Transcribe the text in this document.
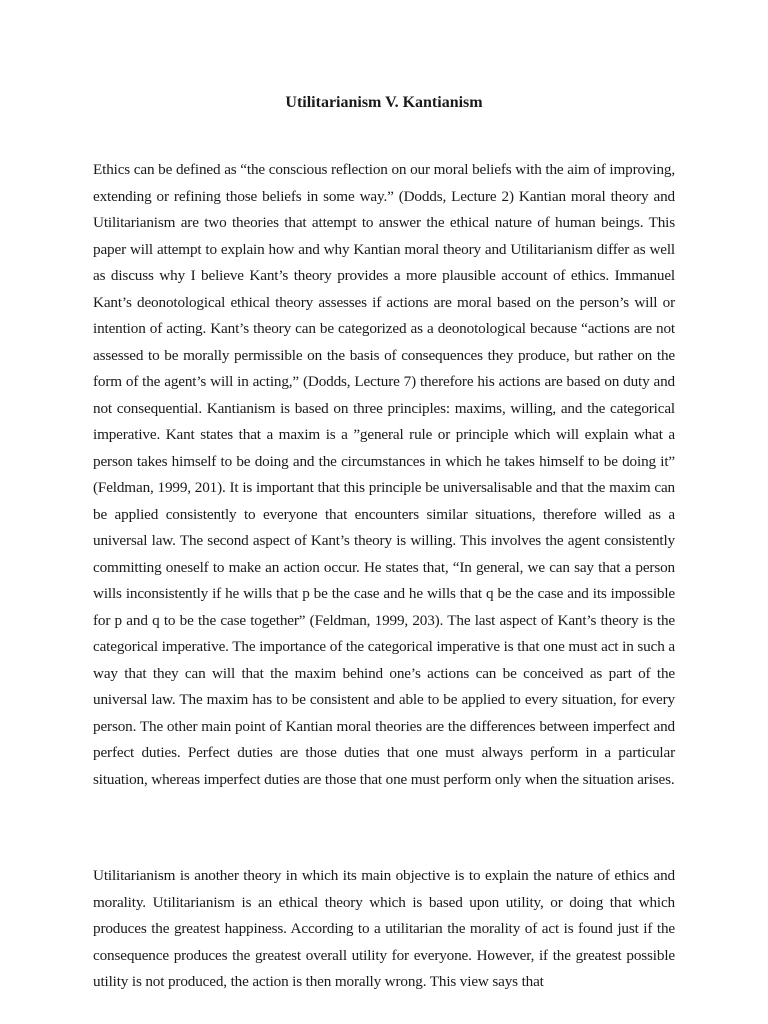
Utilitarianism V. Kantianism

Ethics can be defined as “the conscious reflection on our moral beliefs with the aim of improving, extending or refining those beliefs in some way.” (Dodds, Lecture 2) Kantian moral theory and Utilitarianism are two theories that attempt to answer the ethical nature of human beings. This paper will attempt to explain how and why Kantian moral theory and Utilitarianism differ as well as discuss why I believe Kant’s theory provides a more plausible account of ethics. Immanuel Kant’s deonotological ethical theory assesses if actions are moral based on the person’s will or intention of acting. Kant’s theory can be categorized as a deonotological because “actions are not assessed to be morally permissible on the basis of consequences they produce, but rather on the form of the agent’s will in acting,” (Dodds, Lecture 7) therefore his actions are based on duty and not consequential. Kantianism is based on three principles: maxims, willing, and the categorical imperative. Kant states that a maxim is a ”general rule or principle which will explain what a person takes himself to be doing and the circumstances in which he takes himself to be doing it” (Feldman, 1999, 201). It is important that this principle be universalisable and that the maxim can be applied consistently to everyone that encounters similar situations, therefore willed as a universal law. The second aspect of Kant’s theory is willing. This involves the agent consistently committing oneself to make an action occur. He states that, “In general, we can say that a person wills inconsistently if he wills that p be the case and he wills that q be the case and its impossible for p and q to be the case together” (Feldman, 1999, 203). The last aspect of Kant’s theory is the categorical imperative. The importance of the categorical imperative is that one must act in such a way that they can will that the maxim behind one’s actions can be conceived as part of the universal law. The maxim has to be consistent and able to be applied to every situation, for every person. The other main point of Kantian moral theories are the differences between imperfect and perfect duties. Perfect duties are those duties that one must always perform in a particular situation, whereas imperfect duties are those that one must perform only when the situation arises.

Utilitarianism is another theory in which its main objective is to explain the nature of ethics and morality. Utilitarianism is an ethical theory which is based upon utility, or doing that which produces the greatest happiness. According to a utilitarian the morality of act is found just if the consequence produces the greatest overall utility for everyone. However, if the greatest possible utility is not produced, the action is then morally wrong. This view says that
